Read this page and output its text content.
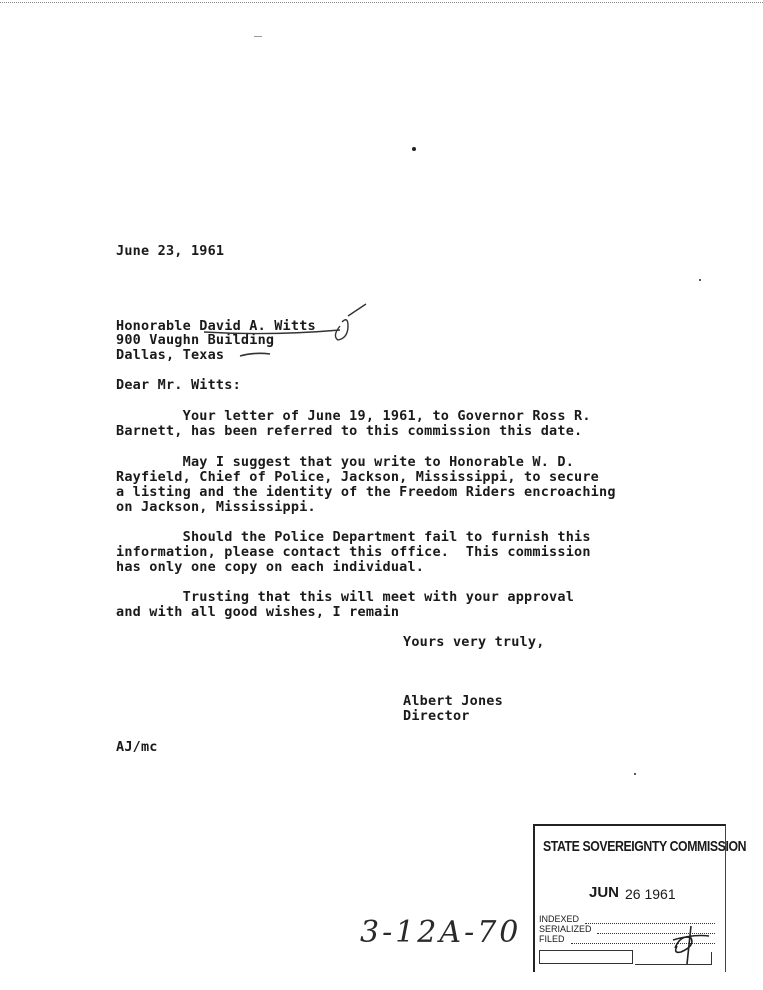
June 23, 1961
Honorable David A. Witts
900 Vaughn Building
Dallas, Texas
Dear Mr. Witts:
Your letter of June 19, 1961, to Governor Ross R.
Barnett, has been referred to this commission this date.
May I suggest that you write to Honorable W. D.
Rayfield, Chief of Police, Jackson, Mississippi, to secure
a listing and the identity of the Freedom Riders encroaching
on Jackson, Mississippi.
Should the Police Department fail to furnish this
information, please contact this office.  This commission
has only one copy on each individual.
Trusting that this will meet with your approval
and with all good wishes, I remain
Yours very truly,
Albert Jones
Director
AJ/mc
3-12A-70
STATE SOVEREIGNTY COMMISSION
JUN 26 1961
INDEXED
SERIALIZED
FILED
